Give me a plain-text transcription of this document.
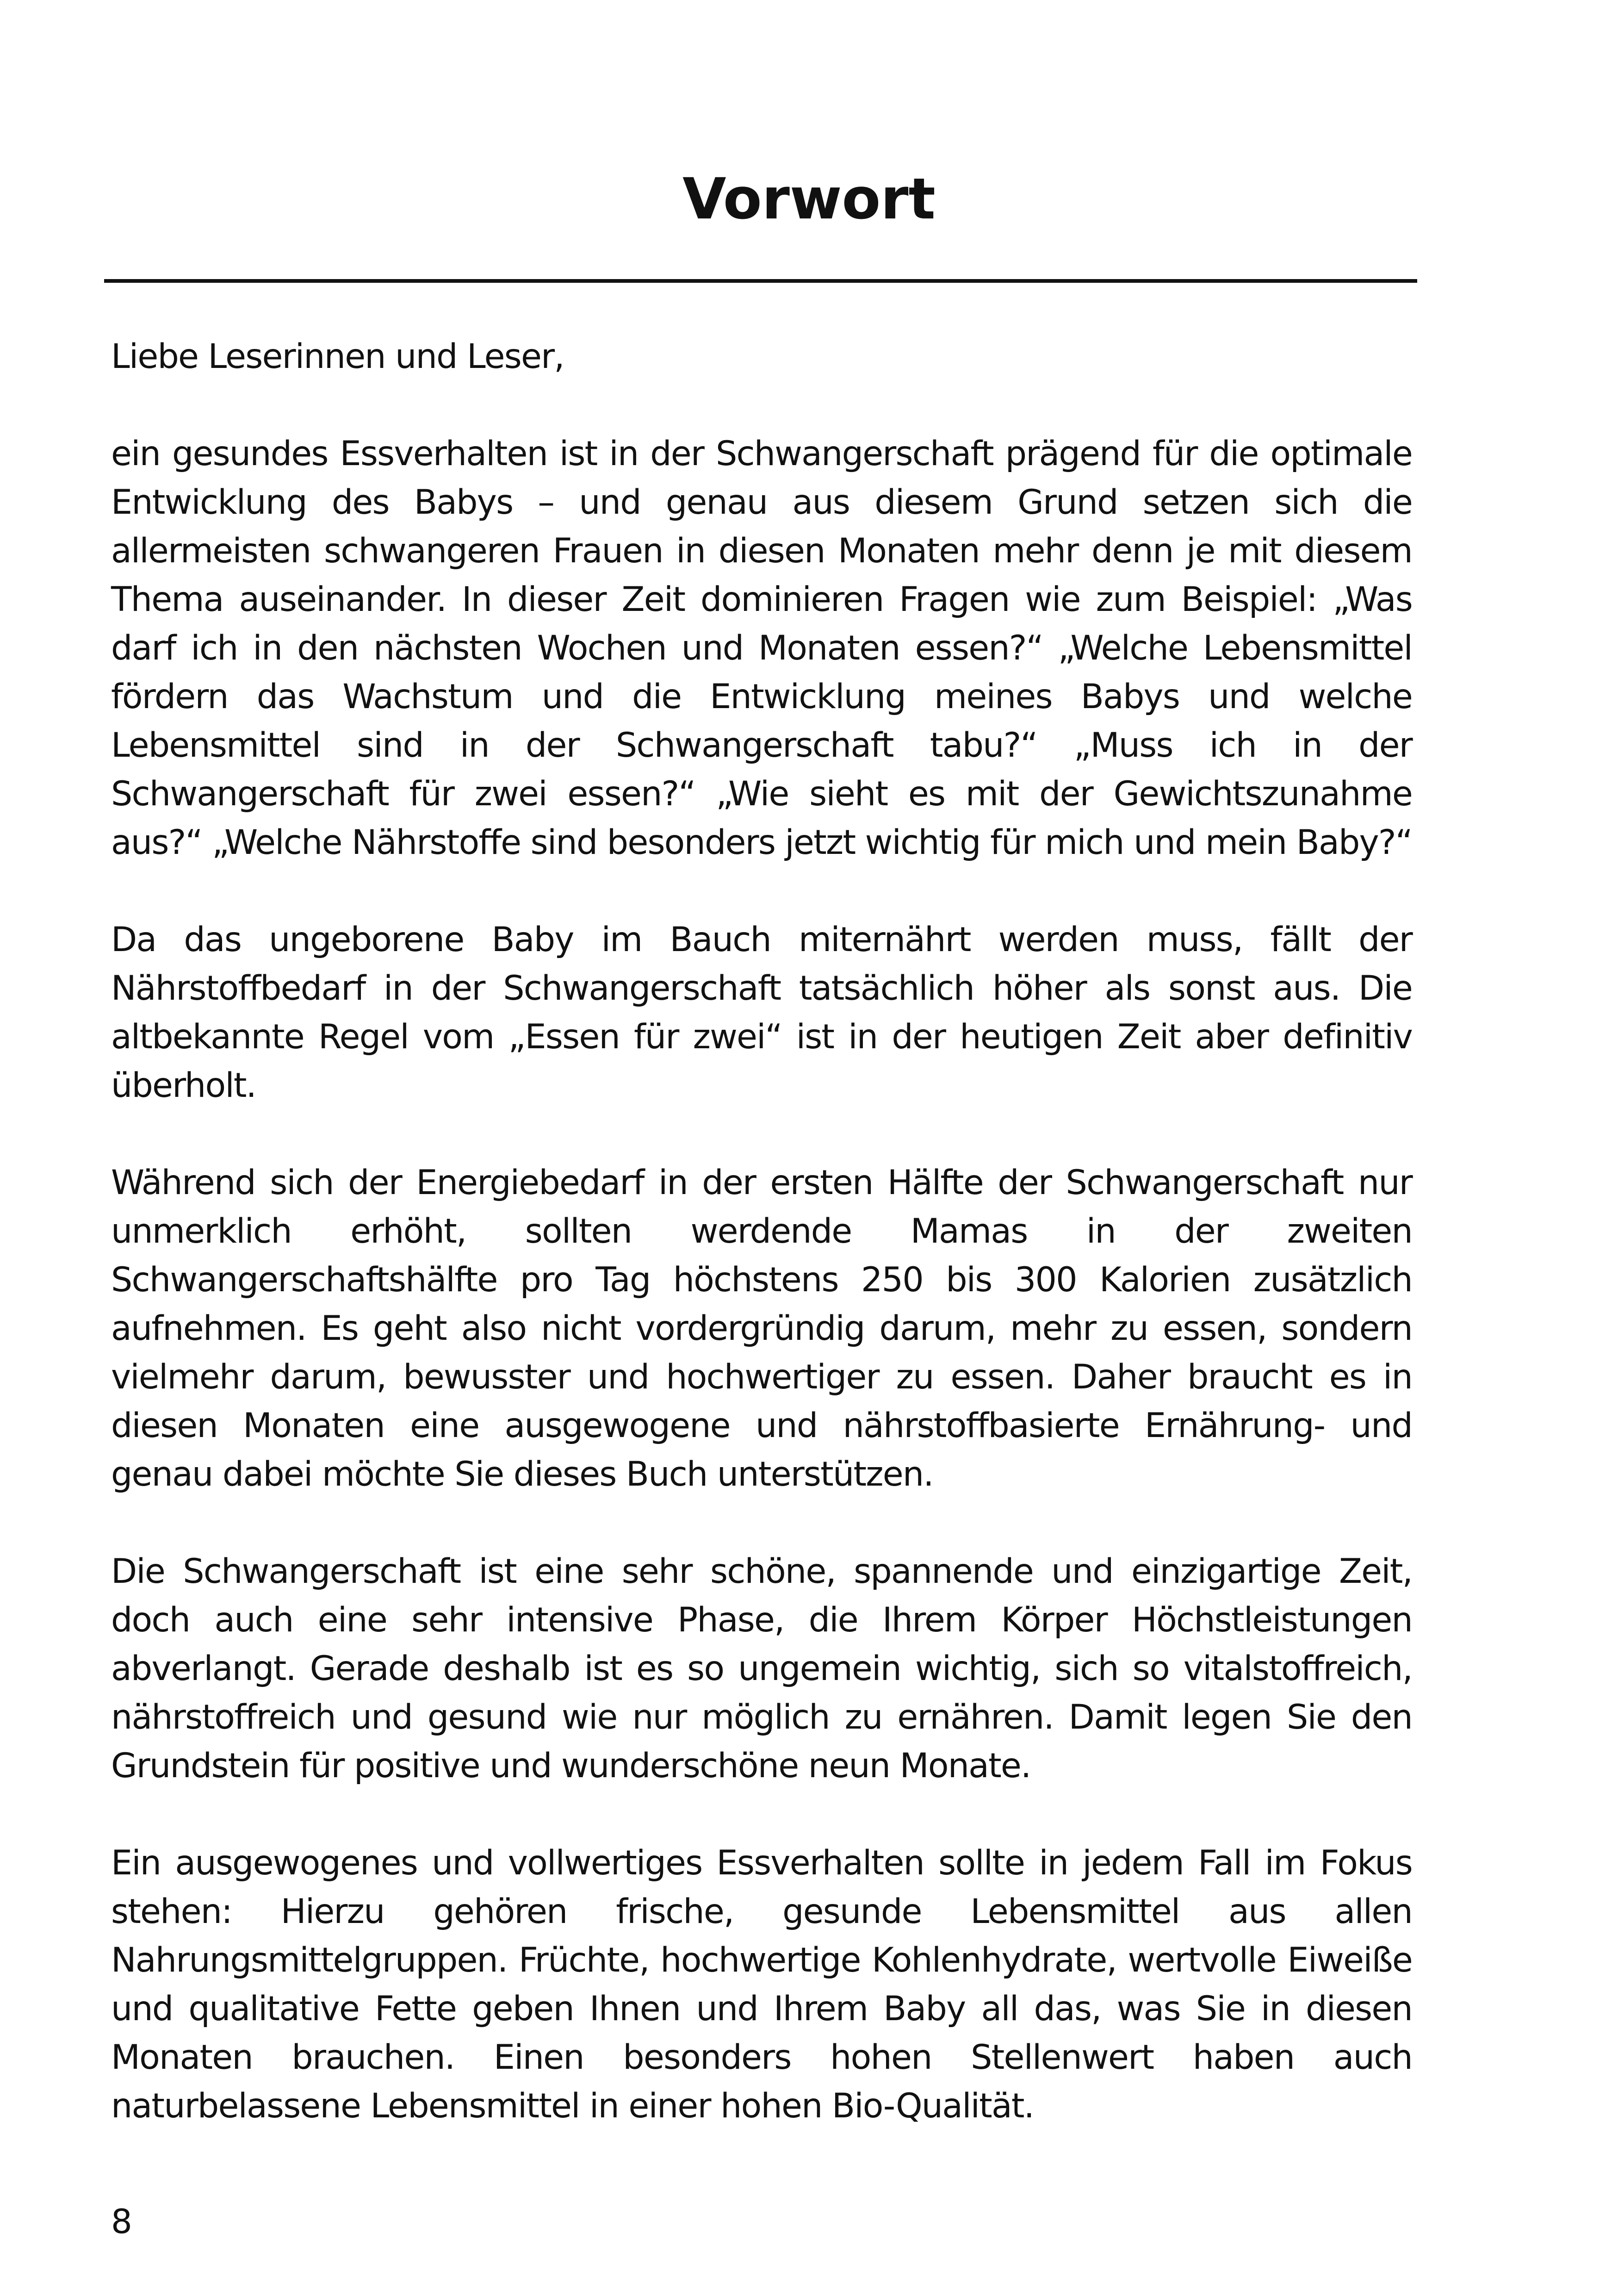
Vorwort

Liebe Leserinnen und Leser,

ein gesundes Essverhalten ist in der Schwangerschaft prägend für die optimale Entwicklung des Babys – und genau aus diesem Grund setzen sich die allermeisten schwangeren Frauen in diesen Monaten mehr denn je mit diesem Thema auseinander. In dieser Zeit dominieren Fragen wie zum Beispiel: „Was darf ich in den nächsten Wochen und Monaten essen?“ „Welche Lebensmittel fördern das Wachstum und die Entwicklung meines Babys und welche Lebensmittel sind in der Schwangerschaft tabu?“ „Muss ich in der Schwangerschaft für zwei essen?“ „Wie sieht es mit der Gewichtszunahme aus?“ „Welche Nährstoffe sind besonders jetzt wichtig für mich und mein Baby?“

Da das ungeborene Baby im Bauch miternährt werden muss, fällt der Nährstoffbedarf in der Schwangerschaft tatsächlich höher als sonst aus. Die altbekannte Regel vom „Essen für zwei“ ist in der heutigen Zeit aber definitiv überholt.

Während sich der Energiebedarf in der ersten Hälfte der Schwangerschaft nur unmerklich erhöht, sollten werdende Mamas in der zweiten Schwangerschaftshälfte pro Tag höchstens 250 bis 300 Kalorien zusätzlich aufnehmen. Es geht also nicht vordergründig darum, mehr zu essen, sondern vielmehr darum, bewusster und hochwertiger zu essen. Daher braucht es in diesen Monaten eine ausgewogene und nährstoffbasierte Ernährung- und genau dabei möchte Sie dieses Buch unterstützen.

Die Schwangerschaft ist eine sehr schöne, spannende und einzigartige Zeit, doch auch eine sehr intensive Phase, die Ihrem Körper Höchstleistungen abverlangt. Gerade deshalb ist es so ungemein wichtig, sich so vitalstoffreich, nährstoffreich und gesund wie nur möglich zu ernähren. Damit legen Sie den Grundstein für positive und wunderschöne neun Monate.

Ein ausgewogenes und vollwertiges Essverhalten sollte in jedem Fall im Fokus stehen: Hierzu gehören frische, gesunde Lebensmittel aus allen Nahrungsmittelgruppen. Früchte, hochwertige Kohlenhydrate, wertvolle Eiweiße und qualitative Fette geben Ihnen und Ihrem Baby all das, was Sie in diesen Monaten brauchen. Einen besonders hohen Stellenwert haben auch naturbelassene Lebensmittel in einer hohen Bio-Qualität.

8
